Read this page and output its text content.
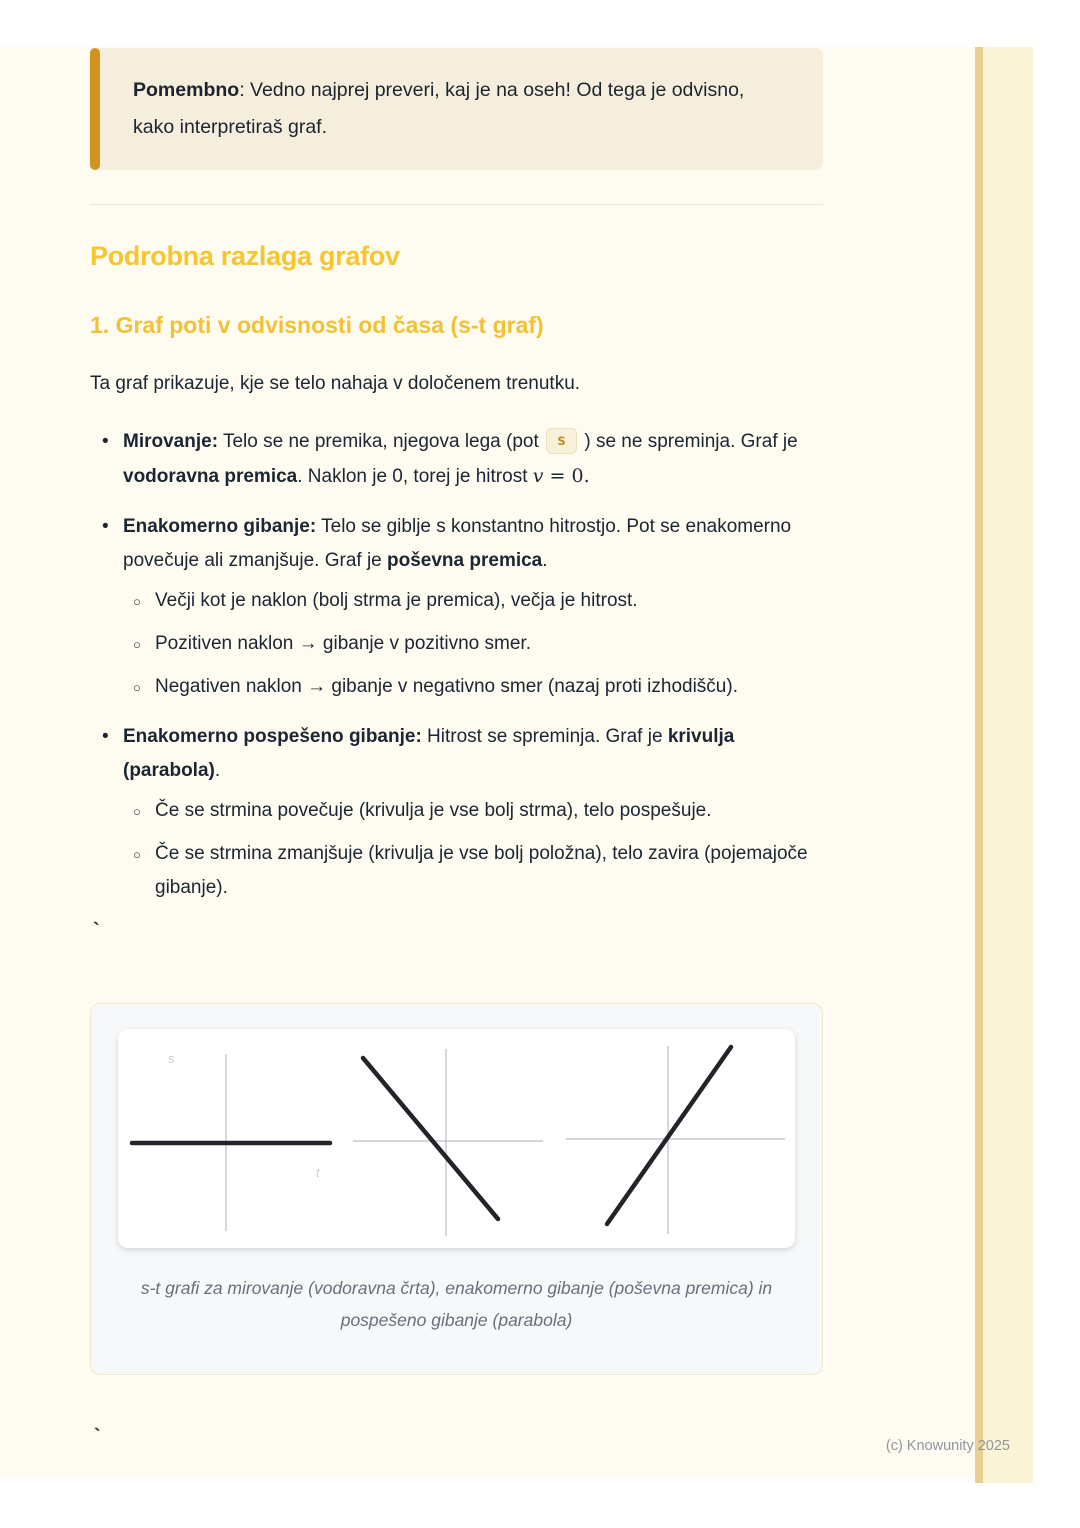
Pomembno: Vedno najprej preveri, kaj je na oseh! Od tega je odvisno, kako interpretiraš graf.
Podrobna razlaga grafov
1. Graf poti v odvisnosti od časa (s-t graf)

Ta graf prikazuje, kje se telo nahaja v določenem trenutku.

• Mirovanje: Telo se ne premika, njegova lega (pot s ) se ne spreminja. Graf je vodoravna premica. Naklon je 0, torej je hitrost v = 0.
• Enakomerno gibanje: Telo se giblje s konstantno hitrostjo. Pot se enakomerno povečuje ali zmanjšuje. Graf je poševna premica.
○ Večji kot je naklon (bolj strma je premica), večja je hitrost.
○ Pozitiven naklon → gibanje v pozitivno smer.
○ Negativen naklon → gibanje v negativno smer (nazaj proti izhodišču).
• Enakomerno pospešeno gibanje: Hitrost se spreminja. Graf je krivulja (parabola).
○ Če se strmina povečuje (krivulja je vse bolj strma), telo pospešuje.
○ Če se strmina zmanjšuje (krivulja je vse bolj položna), telo zavira (pojemajoče gibanje).
`
s
t
s-t grafi za mirovanje (vodoravna črta), enakomerno gibanje (poševna premica) in pospešeno gibanje (parabola)
`	(c) Knowunity 2025
